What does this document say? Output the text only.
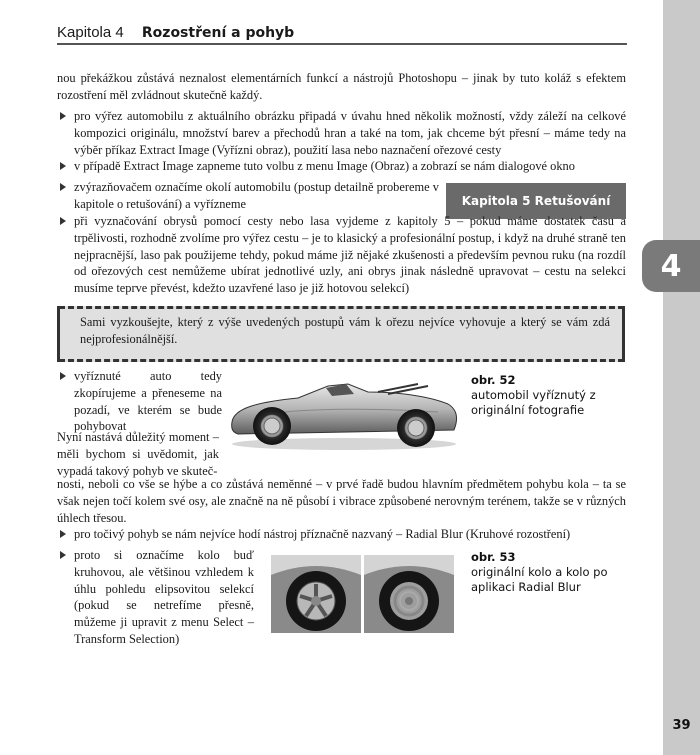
4
39
Kapitola 4 Rozostření a pohyb
nou překážkou zůstává neznalost elementárních funkcí a nástrojů Photoshopu – jinak by tuto koláž s efektem rozostření měl zvládnout skutečně každý.
pro výřez automobilu z aktuálního obrázku připadá v úvahu hned několik možností, vždy záleží na celkové kompozici originálu, množství barev a přechodů hran a také na tom, jak chceme být přesní – máme tedy na výběr příkaz Extract Image (Vyřízni obraz), použití lasa nebo naznačení ořezové cesty
v případě Extract Image zapneme tuto volbu z menu Image (Obraz) a zobrazí se nám dialogové okno
zvýrazňovačem označíme okolí automobilu (postup detailně probereme v kapitole o retušování) a vyřízneme	Kapitola 5 Retušování
při vyznačování obrysů pomocí cesty nebo lasa vyjdeme z kapitoly 5 – pokud máme dostatek času a trpělivosti, rozhodně zvolíme pro výřez cestu – je to klasický a profesionální postup, i když na druhé straně ten nejpracnější, laso pak použijeme tehdy, pokud máme již nějaké zkušenosti a především pevnou ruku (na rozdíl od ořezových cest nemůžeme ubírat jednotlivé uzly, ani obrys jinak následně upravovat – cestu na selekci musíme teprve převést, kdežto uzavřené laso je již hotovou selekcí)
Sami vyzkoušejte, který z výše uvedených postupů vám k ořezu nejvíce vyhovuje a který se vám zdá nejprofesionálnější.
vyříznuté auto tedy zkopírujeme a přeneseme na pozadí, ve kterém se bude pohybovat
obr. 52
automobil vyříznutý z originální fotografie
Nyní nastává důležitý moment – měli bychom si uvědomit, jak vypadá takový pohyb ve skuteč-
nosti, neboli co vše se hýbe a co zůstává neměnné – v prvé řadě budou hlavním předmětem pohybu kola – ta se však nejen točí kolem své osy, ale značně na ně působí i vibrace způsobené nerovným terénem, takže se v různých úhlech třesou.
pro točivý pohyb se nám nejvíce hodí nástroj příznačně nazvaný – Radial Blur (Kruhové rozostření)
proto si označíme kolo buď kruhovou, ale většinou vzhledem k úhlu pohledu elipsovitou selekcí (pokud se netrefíme přesně, můžeme ji upravit z menu Select – Transform Selection)
obr. 53
originální kolo a kolo po aplikaci Radial Blur
